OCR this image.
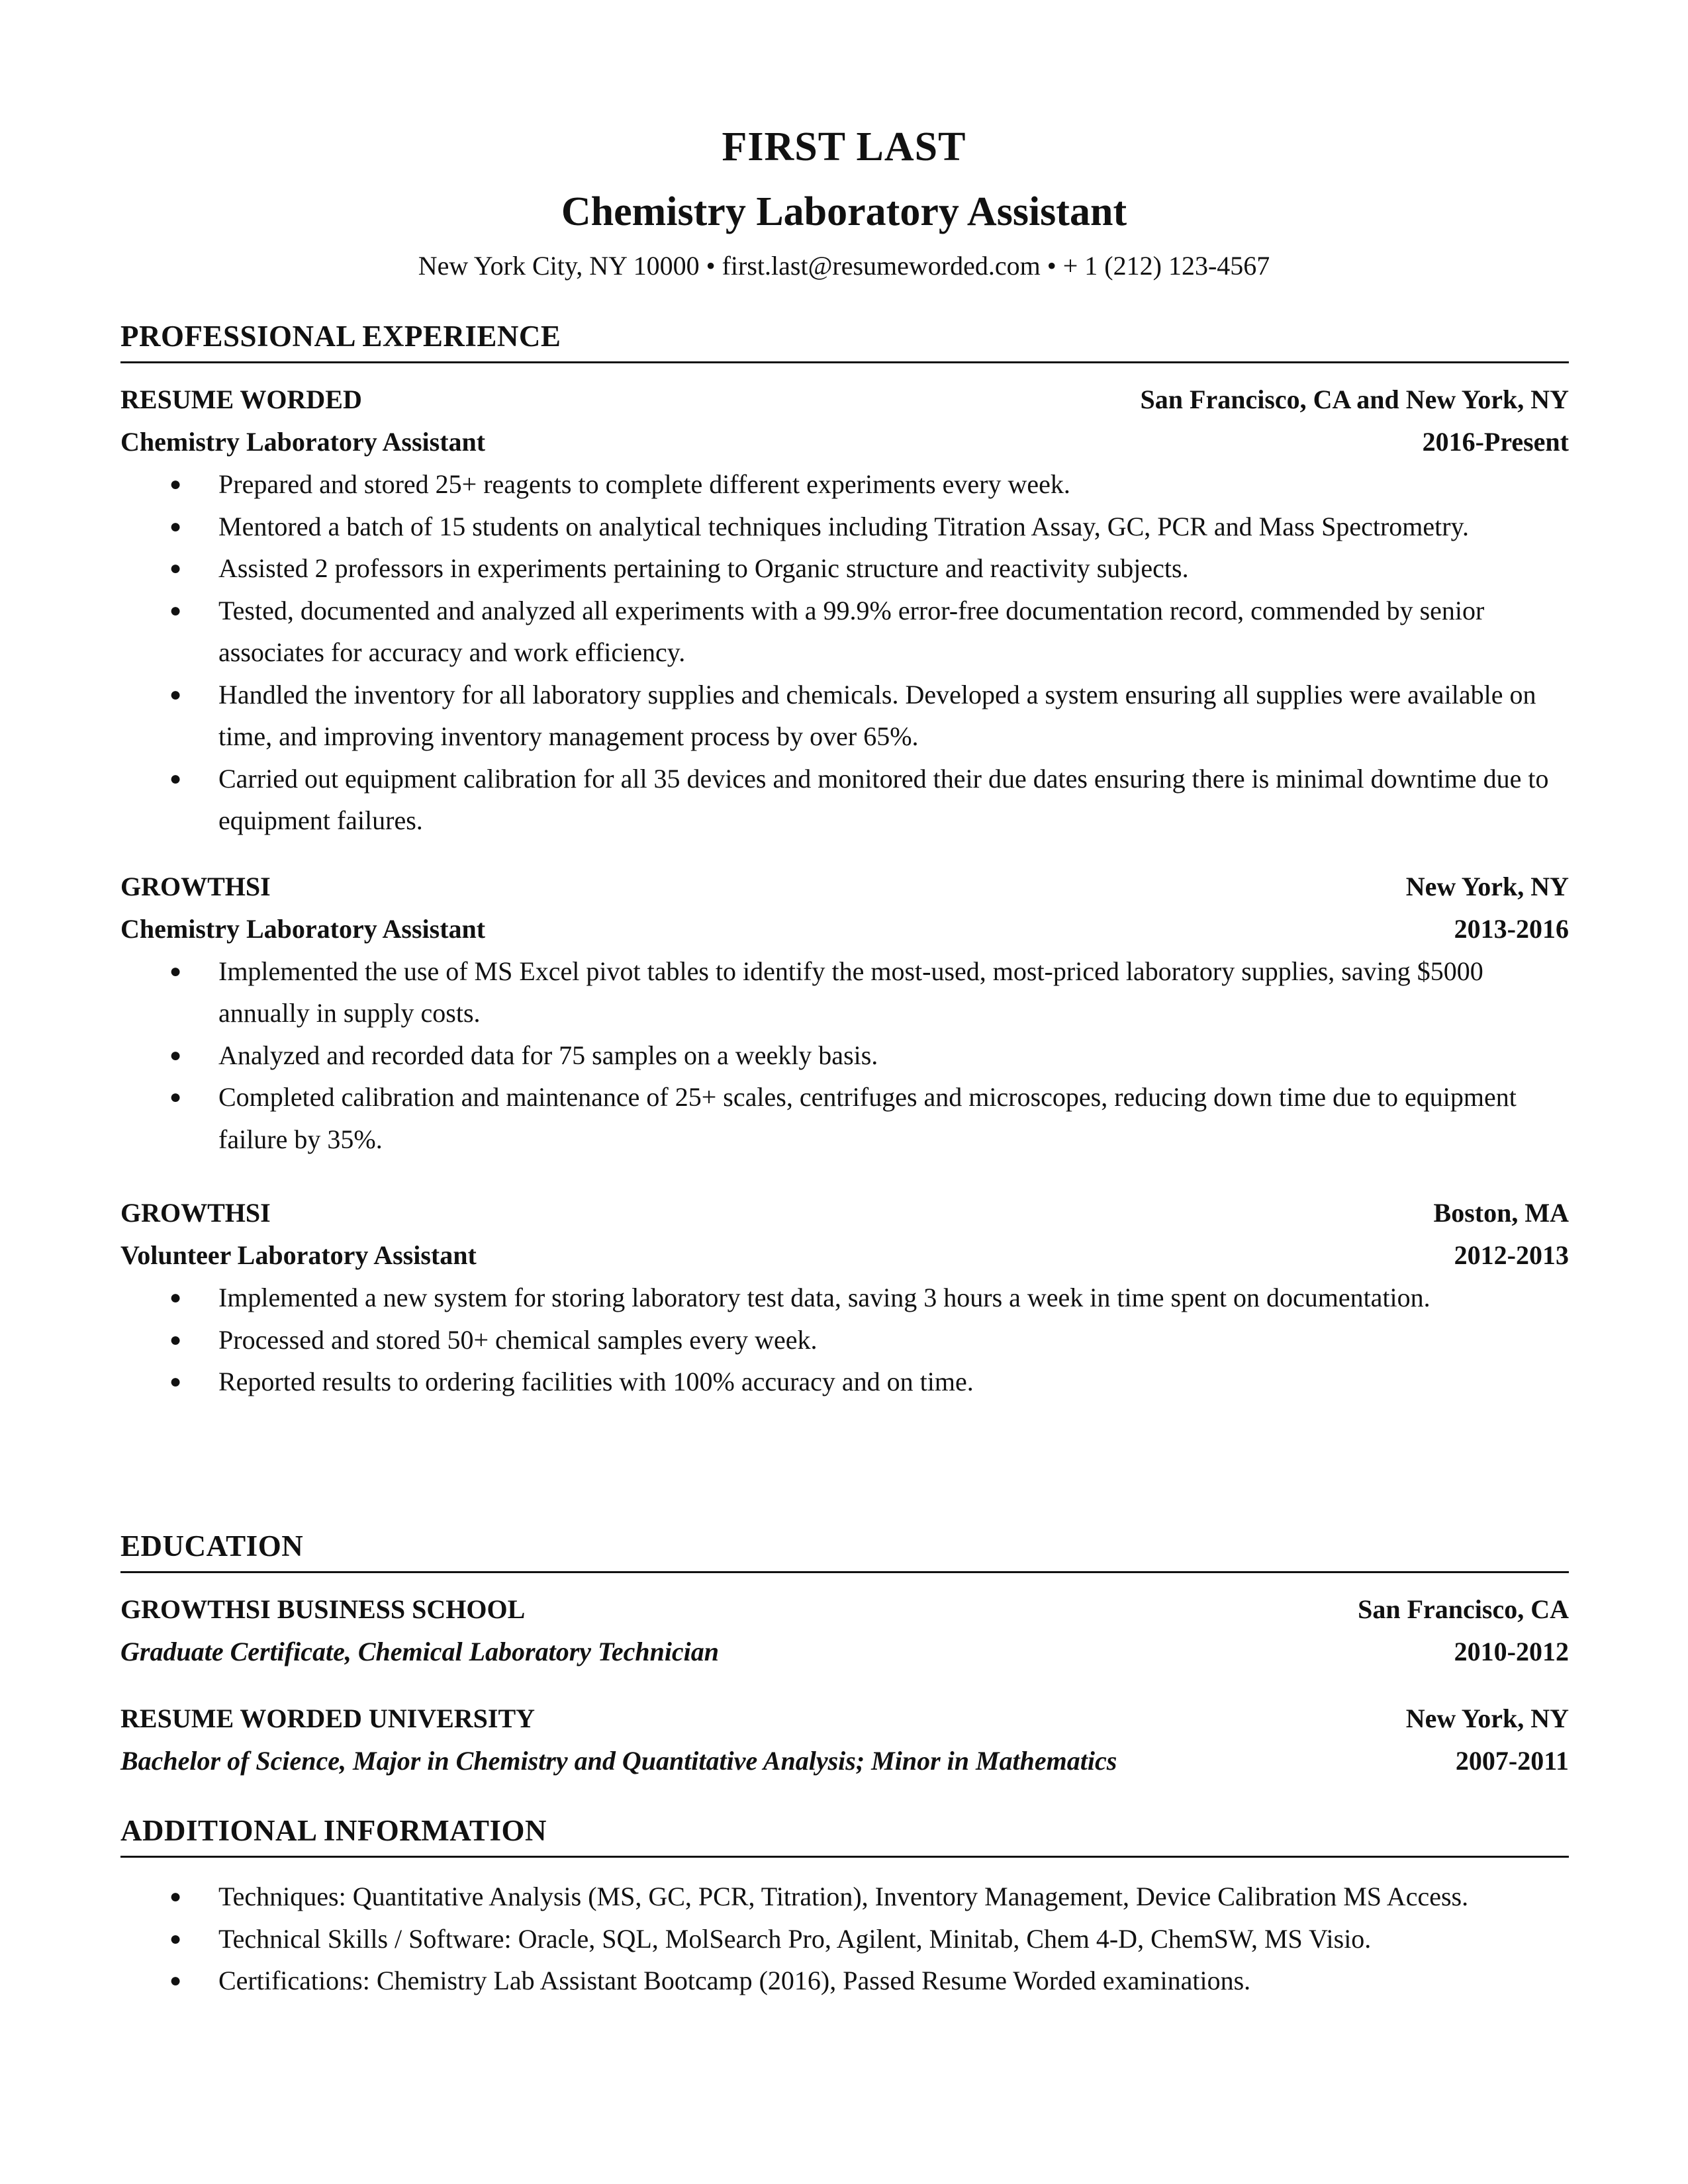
FIRST LAST
Chemistry Laboratory Assistant
New York City, NY 10000 • first.last@resumeworded.com • + 1 (212) 123-4567
PROFESSIONAL EXPERIENCE
RESUME WORDED	San Francisco, CA and New York, NY
Chemistry Laboratory Assistant	2016-Present
● Prepared and stored 25+ reagents to complete different experiments every week.
● Mentored a batch of 15 students on analytical techniques including Titration Assay, GC, PCR and Mass Spectrometry.
● Assisted 2 professors in experiments pertaining to Organic structure and reactivity subjects.
● Tested, documented and analyzed all experiments with a 99.9% error-free documentation record, commended by senior associates for accuracy and work efficiency.
● Handled the inventory for all laboratory supplies and chemicals. Developed a system ensuring all supplies were available on time, and improving inventory management process by over 65%.
● Carried out equipment calibration for all 35 devices and monitored their due dates ensuring there is minimal downtime due to equipment failures.
GROWTHSI	New York, NY
Chemistry Laboratory Assistant	2013-2016
● Implemented the use of MS Excel pivot tables to identify the most-used, most-priced laboratory supplies, saving $5000 annually in supply costs.
● Analyzed and recorded data for 75 samples on a weekly basis.
● Completed calibration and maintenance of 25+ scales, centrifuges and microscopes, reducing down time due to equipment failure by 35%.
GROWTHSI	Boston, MA
Volunteer Laboratory Assistant	2012-2013
● Implemented a new system for storing laboratory test data, saving 3 hours a week in time spent on documentation.
● Processed and stored 50+ chemical samples every week.
● Reported results to ordering facilities with 100% accuracy and on time.
EDUCATION
GROWTHSI BUSINESS SCHOOL	San Francisco, CA
Graduate Certificate, Chemical Laboratory Technician	2010-2012
RESUME WORDED UNIVERSITY	New York, NY
Bachelor of Science, Major in Chemistry and Quantitative Analysis; Minor in Mathematics	2007-2011
ADDITIONAL INFORMATION
● Techniques: Quantitative Analysis (MS, GC, PCR, Titration), Inventory Management, Device Calibration MS Access.
● Technical Skills / Software: Oracle, SQL, MolSearch Pro, Agilent, Minitab, Chem 4-D, ChemSW, MS Visio.
● Certifications: Chemistry Lab Assistant Bootcamp (2016), Passed Resume Worded examinations.
